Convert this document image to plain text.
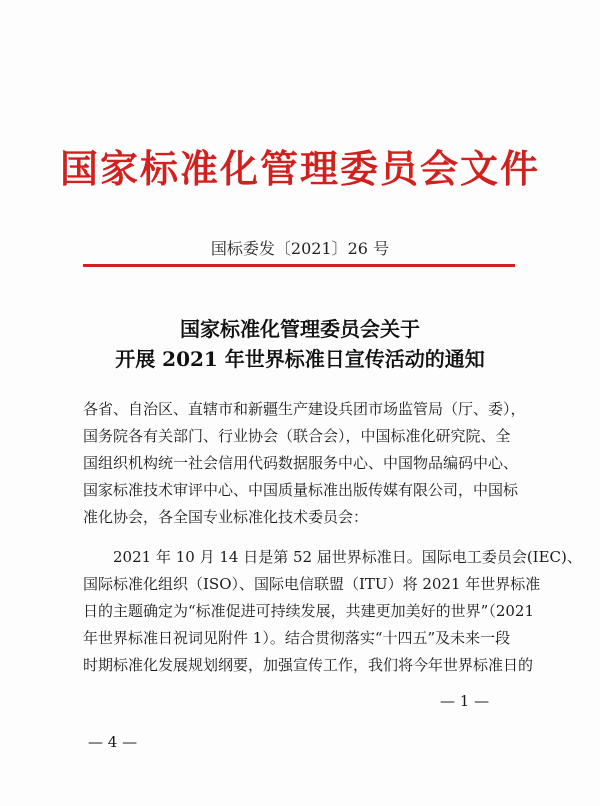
国家标准化管理委员会文件
国标委发〔2021〕26 号
国家标准化管理委员会关于
开展 2021 年世界标准日宣传活动的通知
各省、自治区、直辖市和新疆生产建设兵团市场监管局（厅、委），
国务院各有关部门、行业协会（联合会），中国标准化研究院、全
国组织机构统一社会信用代码数据服务中心、中国物品编码中心、
国家标准技术审评中心、中国质量标准出版传媒有限公司，中国标
准化协会，各全国专业标准化技术委员会：
2021 年 10 月 14 日是第 52 届世界标准日。国际电工委员会(IEC)、
国际标准化组织（ISO）、国际电信联盟（ITU）将 2021 年世界标准
日的主题确定为“标准促进可持续发展，共建更加美好的世界”（2021
年世界标准日祝词见附件 1）。结合贯彻落实“十四五”及未来一段
时期标准化发展规划纲要，加强宣传工作，我们将今年世界标准日的
— 1 —
— 4 —
